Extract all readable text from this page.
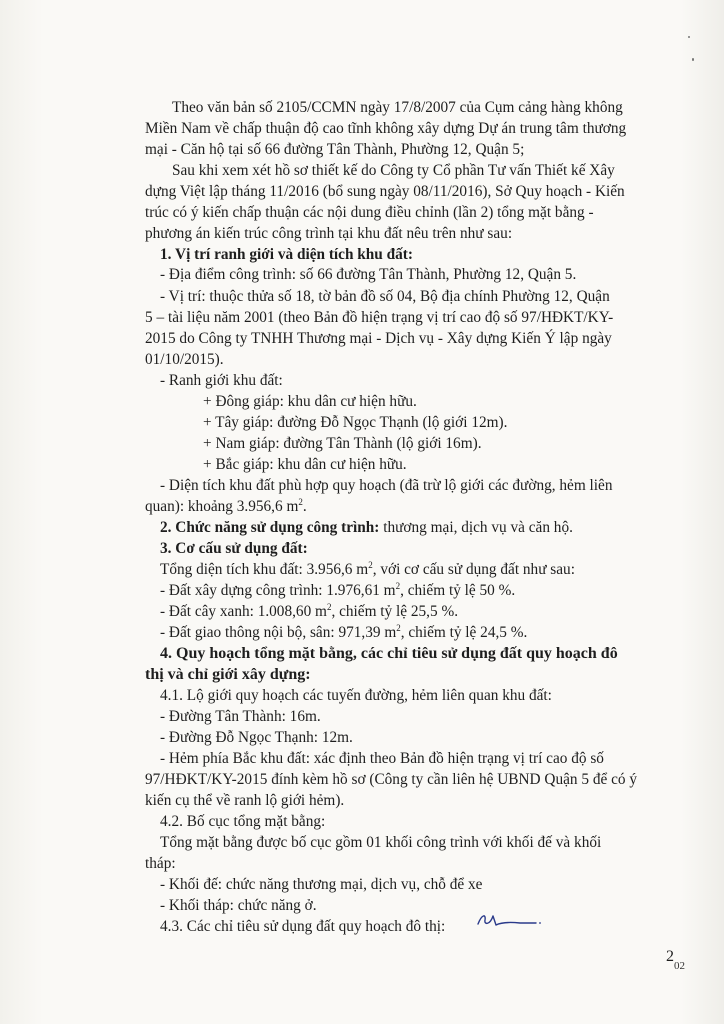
Theo văn bản số 2105/CCMN ngày 17/8/2007 của Cụm cảng hàng không
Miền Nam về chấp thuận độ cao tĩnh không xây dựng Dự án trung tâm thương
mại - Căn hộ tại số 66 đường Tân Thành, Phường 12, Quận 5;
Sau khi xem xét hồ sơ thiết kế do Công ty Cổ phần Tư vấn Thiết kế Xây
dựng Việt lập tháng 11/2016 (bổ sung ngày 08/11/2016), Sở Quy hoạch - Kiến
trúc có ý kiến chấp thuận các nội dung điều chỉnh (lần 2) tổng mặt bằng -
phương án kiến trúc công trình tại khu đất nêu trên như sau:
1. Vị trí ranh giới và diện tích khu đất:
- Địa điểm công trình: số 66 đường Tân Thành, Phường 12, Quận 5.
- Vị trí: thuộc thửa số 18, tờ bản đồ số 04, Bộ địa chính Phường 12, Quận
5 – tài liệu năm 2001 (theo Bản đồ hiện trạng vị trí cao độ số 97/HĐKT/KY-
2015 do Công ty TNHH Thương mại - Dịch vụ - Xây dựng Kiến Ý lập ngày
01/10/2015).
- Ranh giới khu đất:
+ Đông giáp: khu dân cư hiện hữu.
+ Tây giáp: đường Đỗ Ngọc Thạnh (lộ giới 12m).
+ Nam giáp: đường Tân Thành (lộ giới 16m).
+ Bắc giáp: khu dân cư hiện hữu.
- Diện tích khu đất phù hợp quy hoạch (đã trừ lộ giới các đường, hẻm liên
quan): khoảng 3.956,6 $m^2$.
2. Chức năng sử dụng công trình: thương mại, dịch vụ và căn hộ.
3. Cơ cấu sử dụng đất:
Tổng diện tích khu đất: 3.956,6 $m^2$, với cơ cấu sử dụng đất như sau:
- Đất xây dựng công trình: 1.976,61 $m^2$, chiếm tỷ lệ 50 %.
- Đất cây xanh: 1.008,60 $m^2$, chiếm tỷ lệ 25,5 %.
- Đất giao thông nội bộ, sân: 971,39 $m^2$, chiếm tỷ lệ 24,5 %.
4. Quy hoạch tổng mặt bằng, các chỉ tiêu sử dụng đất quy hoạch đô
thị và chỉ giới xây dựng:
4.1. Lộ giới quy hoạch các tuyến đường, hẻm liên quan khu đất:
- Đường Tân Thành: 16m.
- Đường Đỗ Ngọc Thạnh: 12m.
- Hẻm phía Bắc khu đất: xác định theo Bản đồ hiện trạng vị trí cao độ số
97/HĐKT/KY-2015 đính kèm hồ sơ (Công ty cần liên hệ UBND Quận 5 để có ý
kiến cụ thể về ranh lộ giới hẻm).
4.2. Bố cục tổng mặt bằng:
Tổng mặt bằng được bố cục gồm 01 khối công trình với khối đế và khối
tháp:
- Khối đế: chức năng thương mại, dịch vụ, chỗ để xe
- Khối tháp: chức năng ở.
4.3. Các chỉ tiêu sử dụng đất quy hoạch đô thị:
2
02
